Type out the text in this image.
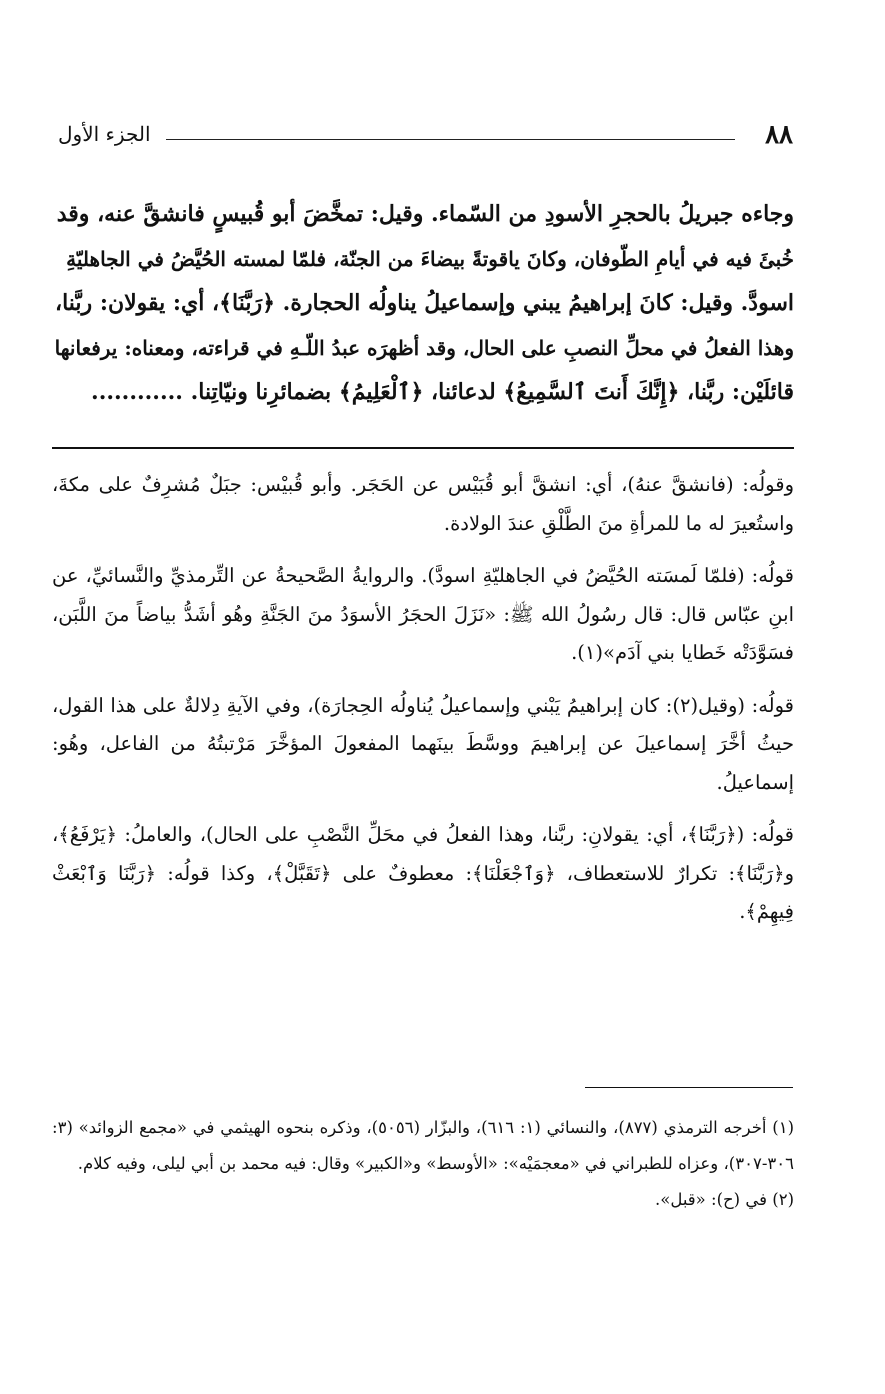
٨٨
الجزء الأول
وجاءه جبريلُ بالحجرِ الأسودِ من السّماء. وقيل: تمخَّضَ أبو قُبيسٍ فانشقَّ عنه، وقد
خُبئَ فيه في أيامِ الطّوفان، وكانَ ياقوتةً بيضاءَ من الجنّة، فلمّا لمسته الحُيَّضُ في الجاهليّةِ
اسودَّ. وقيل: كانَ إبراهيمُ يبني وإسماعيلُ يناولُه الحجارة. ﴿رَبَّنَا﴾، أي: يقولان: ربَّنا،
وهذا الفعلُ في محلِّ النصبِ على الحال، وقد أظهرَه عبدُ اللّـهِ في قراءته، ومعناه: يرفعانها
قائلَيْن: ربَّنا، ﴿إِنَّكَ أَنتَ ٱلسَّمِيعُ﴾ لدعائنا، ﴿ٱلْعَلِيمُ﴾ بضمائرِنا ونيّاتِنا. ............

وقولُه: (فانشقَّ عنهُ)، أي: انشقَّ أبو قُبَيْس عن الحَجَر. وأبو قُبيْس: جبَلٌ مُشرِفٌ على مكةَ، واستُعيرَ له ما للمرأةِ منَ الطَّلْقِ عندَ الولادة.

قولُه: (فلمّا لَمسَته الحُيَّضُ في الجاهليّةِ اسودَّ). والروايةُ الصَّحيحةُ عن التِّرمذيِّ والنَّسائيِّ، عن ابنِ عبّاس قال: قال رسُولُ الله ﷺ: «نَزَلَ الحجَرُ الأسوَدُ منَ الجَنَّةِ وهُو أشَدُّ بياضاً منَ اللَّبَن، فسَوَّدَتْه خَطايا بني آدَم»(١).

قولُه: (وقيل(٢): كان إبراهيمُ يَبْني وإسماعيلُ يُناولُه الحِجارَة)، وفي الآيةِ دِلالةٌ على هذا القول، حيثُ أخَّرَ إسماعيلَ عن إبراهيمَ ووسَّطَ بينَهما المفعولَ المؤخَّرَ مَرْتبتُهُ من الفاعل، وهُو: إسماعيلُ.

قولُه: (﴿رَبَّنَا﴾، أي: يقولانِ: ربَّنا، وهذا الفعلُ في محَلِّ النَّصْبِ على الحال)، والعاملُ: ﴿يَرْفَعُ﴾، و﴿رَبَّنَا﴾: تكرارٌ للاستعطاف، ﴿وَٱجْعَلْنَا﴾: معطوفٌ على ﴿تَقَبَّلْ﴾، وكذا قولُه: ﴿رَبَّنَا وَٱبْعَثْ فِيهِمْ﴾.

(١) أخرجه الترمذي (٨٧٧)، والنسائي (١: ٦١٦)، والبزّار (٥٠٥٦)، وذكره بنحوه الهيثمي في «مجمع الزوائد» (٣: ٣٠٦-٣٠٧)، وعزاه للطبراني في «معجمَيْه»: «الأوسط» و«الكبير» وقال: فيه محمد بن أبي ليلى، وفيه كلام.

(٢) في (ح): «قبل».
